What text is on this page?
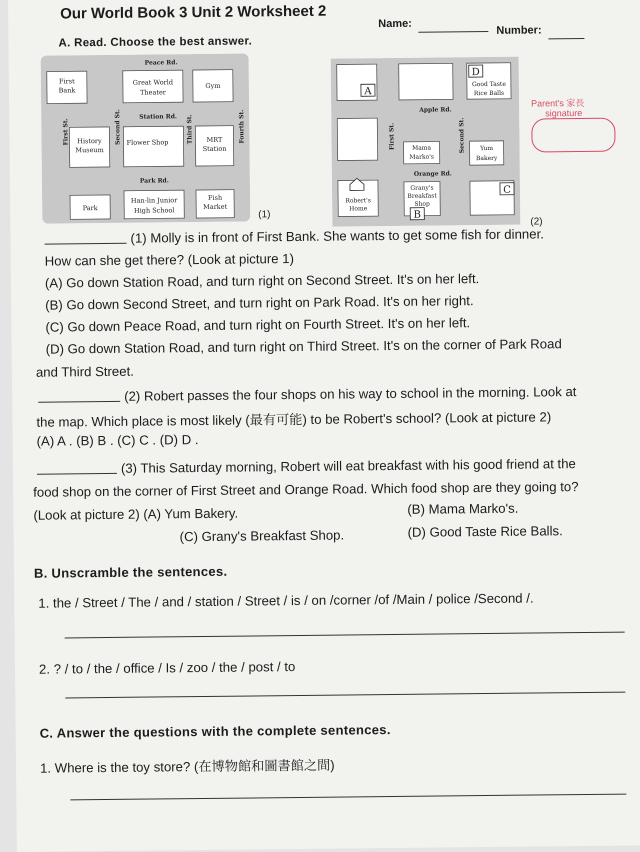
Our World Book 3 Unit 2 Worksheet 2
Name:
Number:
A. Read. Choose the best answer.
Peace Rd.
Station Rd.
Park Rd.
First St.	Second St.	Third St.	Fourth St.
First
Bank
Great World
Theater
Gym
History
Museum
Flower Shop	MRT
Station
Park
Han-lin Junior
High School
Fish
Market
(1)
Apple Rd.
Orange Rd.
First St.	Second St.
A
D
Good Taste
Rice Balls
Mama
Marko's
Yum
Bakery
Robert's
Home
Grany's
Breakfast
Shop
B
C
(2)
Parent's 家長
signature
(1) Molly is in front of First Bank. She wants to get some fish for dinner.
How can she get there? (Look at picture 1)
(A) Go down Station Road, and turn right on Second Street. It's on her left.
(B) Go down Second Street, and turn right on Park Road. It's on her right.
(C) Go down Peace Road, and turn right on Fourth Street. It's on her left.
(D) Go down Station Road, and turn right on Third Street. It's on the corner of Park Road
and Third Street.
(2) Robert passes the four shops on his way to school in the morning. Look at
the map. Which place is most likely (最有可能) to be Robert's school? (Look at picture 2)
(A) A . (B) B . (C) C . (D) D .
(3) This Saturday morning, Robert will eat breakfast with his good friend at the
food shop on the corner of First Street and Orange Road. Which food shop are they going to?
(Look at picture 2) (A) Yum Bakery.	(B) Mama Marko's.
(C) Grany's Breakfast Shop.	(D) Good Taste Rice Balls.
B. Unscramble the sentences.
1. the / Street / The / and / station / Street / is / on /corner /of /Main / police /Second /.
2. ? / to / the / office / Is / zoo / the / post / to
C. Answer the questions with the complete sentences.
1. Where is the toy store? (在博物館和圖書館之間)
